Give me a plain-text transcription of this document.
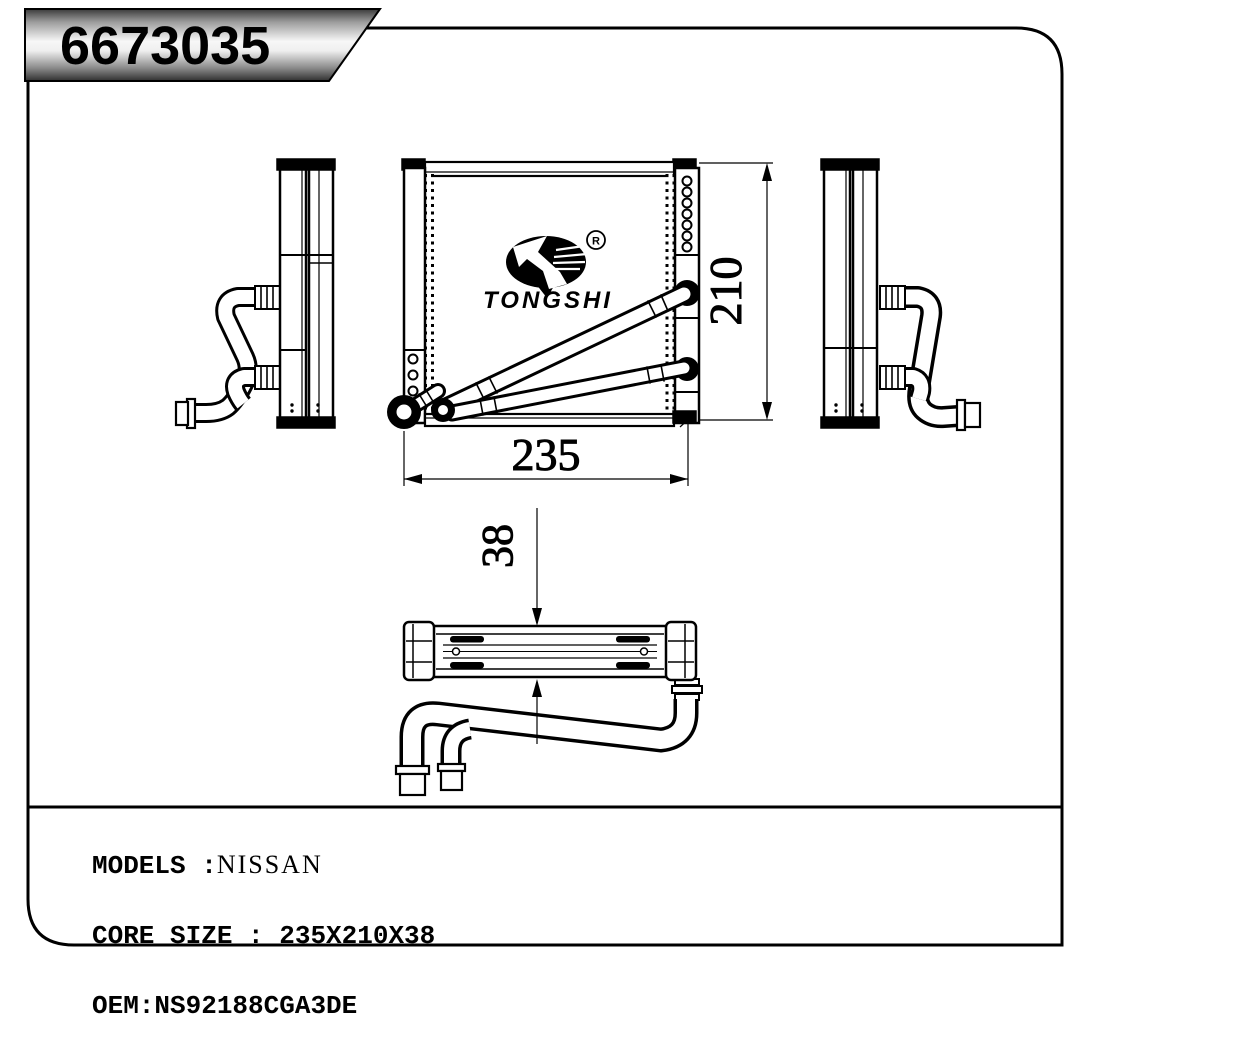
6673035
R
TONGSHI 210
235
38

MODELS :NISSAN

CORE SIZE : 235X210X38

OEM:NS92188CGA3DE
